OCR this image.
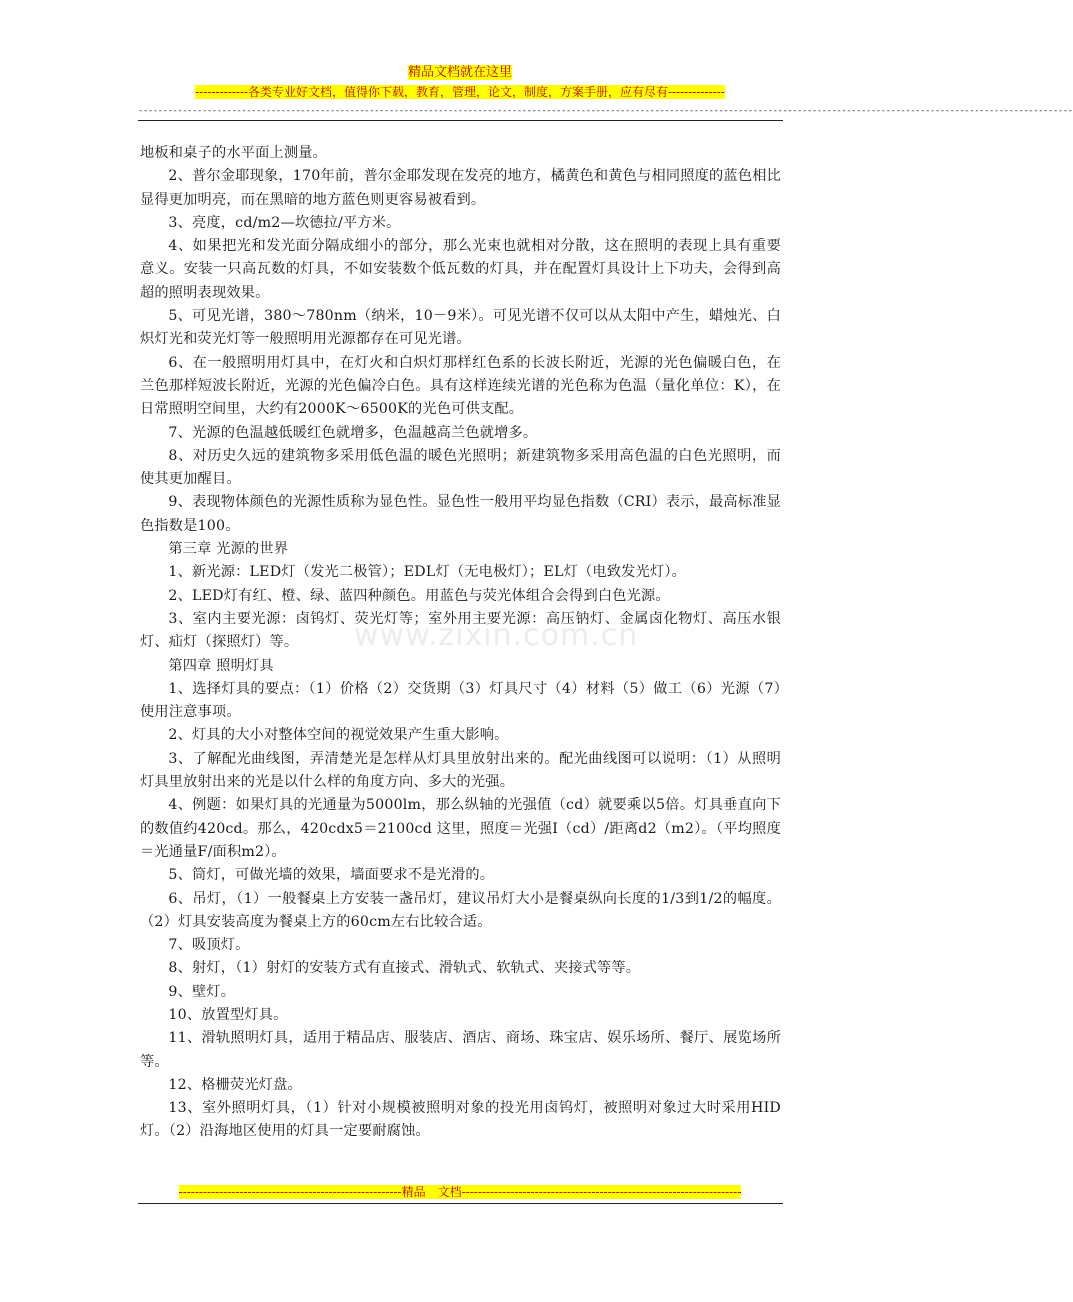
精品文档就在这里
-------------各类专业好文档，值得你下载，教育，管理，论文，制度，方案手册，应有尽有--------------
----------------------------------------------------------------------------------------------------------------------------------------------------------------------------------------------
www.zixin.com.cn

地板和桌子的水平面上测量。

2、普尔金耶现象，170年前，普尔金耶发现在发亮的地方，橘黄色和黄色与相同照度的蓝色相比显得更加明亮，而在黑暗的地方蓝色则更容易被看到。

3、亮度，cd/m2—坎德拉/平方米。

4、如果把光和发光面分隔成细小的部分，那么光束也就相对分散，这在照明的表现上具有重要意义。安装一只高瓦数的灯具，不如安装数个低瓦数的灯具，并在配置灯具设计上下功夫，会得到高超的照明表现效果。

5、可见光谱，380～780nm（纳米，10－9米）。可见光谱不仅可以从太阳中产生，蜡烛光、白炽灯光和荧光灯等一般照明用光源都存在可见光谱。

6、在一般照明用灯具中，在灯火和白炽灯那样红色系的长波长附近，光源的光色偏暖白色，在兰色那样短波长附近，光源的光色偏冷白色。具有这样连续光谱的光色称为色温（量化单位：K），在日常照明空间里，大约有2000K～6500K的光色可供支配。

7、光源的色温越低暖红色就增多，色温越高兰色就增多。

8、对历史久远的建筑物多采用低色温的暖色光照明；新建筑物多采用高色温的白色光照明，而使其更加醒目。

9、表现物体颜色的光源性质称为显色性。显色性一般用平均显色指数（CRI）表示，最高标准显色指数是100。

第三章 光源的世界

1、新光源：LED灯（发光二极管）；EDL灯（无电极灯）；EL灯（电致发光灯）。

2、LED灯有红、橙、绿、蓝四种颜色。用蓝色与荧光体组合会得到白色光源。

3、室内主要光源：卤钨灯、荧光灯等；室外用主要光源：高压钠灯、金属卤化物灯、高压水银灯、疝灯（探照灯）等。

第四章 照明灯具

1、选择灯具的要点：（1）价格（2）交货期（3）灯具尺寸（4）材料（5）做工（6）光源（7）使用注意事项。

2、灯具的大小对整体空间的视觉效果产生重大影响。

3、了解配光曲线图，弄清楚光是怎样从灯具里放射出来的。配光曲线图可以说明：（1）从照明灯具里放射出来的光是以什么样的角度方向、多大的光强。

4、例题：如果灯具的光通量为5000lm，那么纵轴的光强值（cd）就要乘以5倍。灯具垂直向下的数值约420cd。那么，420cdx5＝2100cd 这里，照度＝光强I（cd）/距离d2（m2）。（平均照度＝光通量F/面积m2）。

5、筒灯，可做光墙的效果，墙面要求不是光滑的。

6、吊灯，（1）一般餐桌上方安装一盏吊灯，建议吊灯大小是餐桌纵向长度的1/3到1/2的幅度。（2）灯具安装高度为餐桌上方的60cm左右比较合适。

7、吸顶灯。

8、射灯，（1）射灯的安装方式有直接式、滑轨式、软轨式、夹接式等等。

9、壁灯。

10、放置型灯具。

11、滑轨照明灯具，适用于精品店、服装店、酒店、商场、珠宝店、娱乐场所、餐厅、展览场所等。

12、格栅荧光灯盘。

13、室外照明灯具，（1）针对小规模被照明对象的投光用卤钨灯，被照明对象过大时采用HID灯。（2）沿海地区使用的灯具一定要耐腐蚀。

-------------------------------------------------------精品　文档---------------------------------------------------------------------
